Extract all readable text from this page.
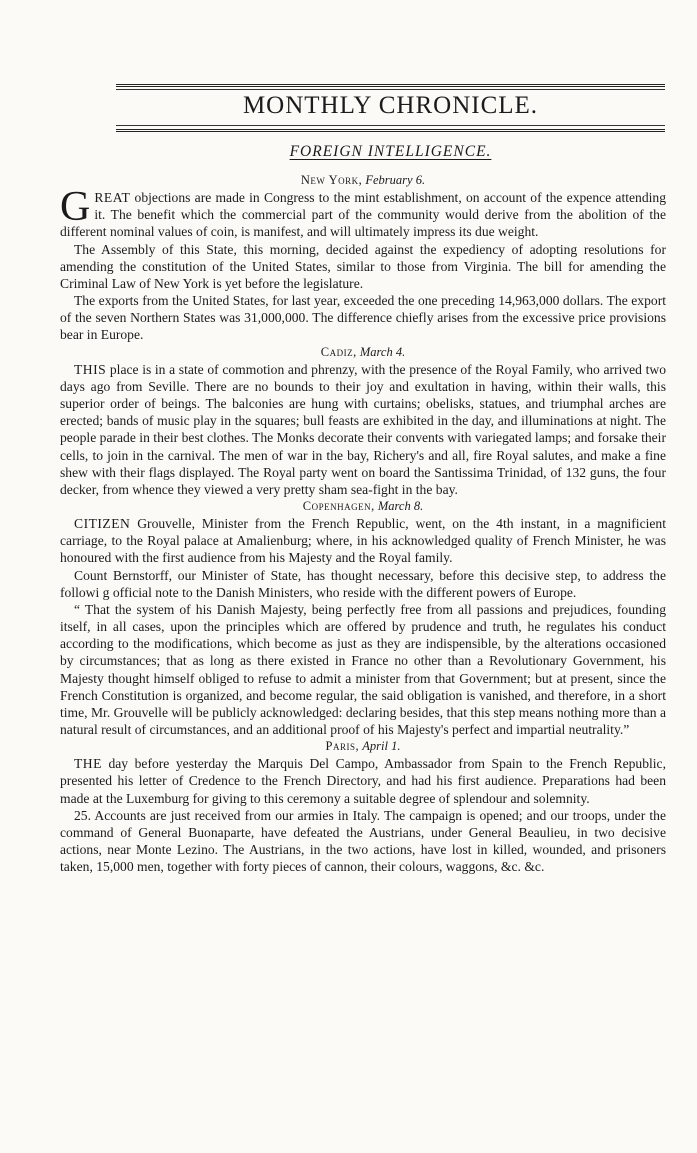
MONTHLY CHRONICLE.
FOREIGN INTELLIGENCE.
New York, February 6.

GREAT objections are made in Congress to the mint establishment, on account of the expence attending it. The benefit which the commercial part of the community would derive from the abolition of the different nominal values of coin, is manifest, and will ultimately impress its due weight.

The Assembly of this State, this morning, decided against the expediency of adopting resolutions for amending the constitution of the United States, similar to those from Virginia. The bill for amending the Criminal Law of New York is yet before the legislature.

The exports from the United States, for last year, exceeded the one preceding 14,963,000 dollars. The export of the seven Northern States was 31,000,000. The difference chiefly arises from the excessive price provisions bear in Europe.

Cadiz, March 4.

THIS place is in a state of commotion and phrenzy, with the presence of the Royal Family, who arrived two days ago from Seville. There are no bounds to their joy and exultation in having, within their walls, this superior order of beings. The balconies are hung with curtains; obelisks, statues, and triumphal arches are erected; bands of music play in the squares; bull feasts are exhibited in the day, and illuminations at night. The people parade in their best clothes. The Monks decorate their convents with variegated lamps; and forsake their cells, to join in the carnival. The men of war in the bay, Richery's and all, fire Royal salutes, and make a fine shew with their flags displayed. The Royal party went on board the Santissima Trinidad, of 132 guns, the four decker, from whence they viewed a very pretty sham sea-fight in the bay.

Copenhagen, March 8.

CITIZEN Grouvelle, Minister from the French Republic, went, on the 4th instant, in a magnificient carriage, to the Royal palace at Amalienburg; where, in his acknowledged quality of French Minister, he was honoured with the first audience from his Majesty and the Royal family.

Count Bernstorff, our Minister of State, has thought necessary, before this decisive step, to address the followi g official note to the Danish Ministers, who reside with the different powers of Europe.

“ That the system of his Danish Majesty, being perfectly free from all passions and prejudices, founding itself, in all cases, upon the principles which are offered by prudence and truth, he regulates his conduct according to the modifications, which become as just as they are indispensible, by the alterations occasioned by circumstances; that as long as there existed in France no other than a Revolutionary Government, his Majesty thought himself obliged to refuse to admit a minister from that Government; but at present, since the French Constitution is organized, and become regular, the said obligation is vanished, and therefore, in a short time, Mr. Grouvelle will be publicly acknowledged: declaring besides, that this step means nothing more than a natural result of circumstances, and an additional proof of his Majesty's perfect and impartial neutrality.”

Paris, April 1.

THE day before yesterday the Marquis Del Campo, Ambassador from Spain to the French Republic, presented his letter of Credence to the French Directory, and had his first audience. Preparations had been made at the Luxemburg for giving to this ceremony a suitable degree of splendour and solemnity.

25. Accounts are just received from our armies in Italy. The campaign is opened; and our troops, under the command of General Buonaparte, have defeated the Austrians, under General Beaulieu, in two decisive actions, near Monte Lezino. The Austrians, in the two actions, have lost in killed, wounded, and prisoners taken, 15,000 men, together with forty pieces of cannon, their colours, waggons, &c. &c.
